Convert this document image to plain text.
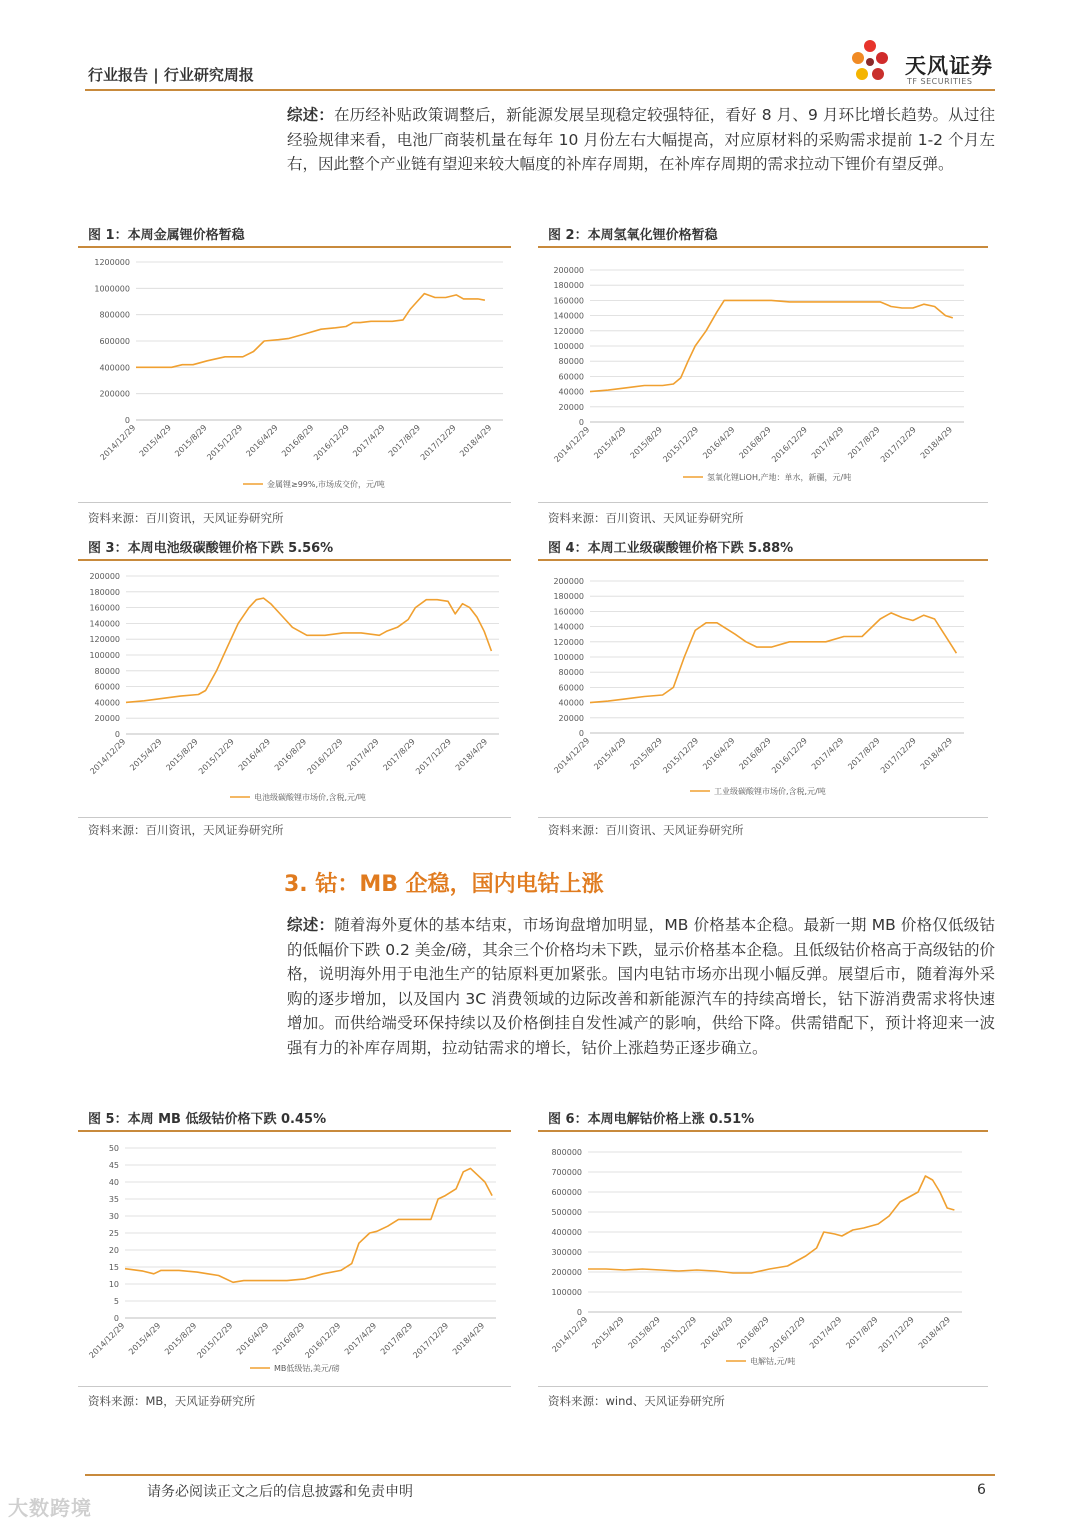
行业报告 | 行业研究周报	天风证券
TF SECURITIES
综述：在历经补贴政策调整后，新能源发展呈现稳定较强特征，看好 8 月、9 月环比增长趋势。从过往经验规律来看，电池厂商装机量在每年 10 月份左右大幅提高，对应原材料的采购需求提前 1-2 个月左右，因此整个产业链有望迎来较大幅度的补库存周期，在补库存周期的需求拉动下锂价有望反弹。
图 1：本周金属锂价格暂稳
0
200000
400000
600000
800000
1000000
1200000
2014/12/29 2015/4/29 2015/8/29
2015/12/29 2016/4/29 2016/8/29
2016/12/29 2017/4/29 2017/8/29
2017/12/29 2018/4/29
金属锂≥99%,市场成交价，元/吨
资料来源：百川资讯，天风证券研究所
图 2：本周氢氧化锂价格暂稳
0
20000
40000
60000
80000
100000
120000
140000
160000
180000
200000
2014/12/29 2015/4/29 2015/8/29
2015/12/29 2016/4/29 2016/8/29
2016/12/29 2017/4/29 2017/8/29
2017/12/29 2018/4/29
氢氧化锂LiOH,产地：单水，新疆，元/吨
资料来源：百川资讯、天风证券研究所
图 3：本周电池级碳酸锂价格下跌 5.56%
0
20000
40000
60000
80000
100000
120000
140000
160000
180000
200000
2014/12/29 2015/4/29 2015/8/29
2015/12/29 2016/4/29 2016/8/29
2016/12/29 2017/4/29 2017/8/29
2017/12/29 2018/4/29
电池级碳酸锂市场价,含税,元/吨
资料来源：百川资讯，天风证券研究所
图 4：本周工业级碳酸锂价格下跌 5.88%
0
20000
40000
60000
80000
100000
120000
140000
160000
180000
200000
2014/12/29 2015/4/29 2015/8/29
2015/12/29 2016/4/29 2016/8/29
2016/12/29 2017/4/29 2017/8/29
2017/12/29 2018/4/29
工业级碳酸锂市场价,含税,元/吨
资料来源：百川资讯、天风证券研究所
3. 钴：MB 企稳，国内电钴上涨
综述：随着海外夏休的基本结束，市场询盘增加明显，MB 价格基本企稳。最新一期 MB 价格仅低级钴的低幅价下跌 0.2 美金/磅，其余三个价格均未下跌，显示价格基本企稳。且低级钴价格高于高级钴的价格，说明海外用于电池生产的钴原料更加紧张。国内电钴市场亦出现小幅反弹。展望后市，随着海外采购的逐步增加，以及国内 3C 消费领域的边际改善和新能源汽车的持续高增长，钴下游消费需求将快速增加。而供给端受环保持续以及价格倒挂自发性减产的影响，供给下降。供需错配下，预计将迎来一波强有力的补库存周期，拉动钴需求的增长，钴价上涨趋势正逐步确立。
图 5：本周 MB 低级钴价格下跌 0.45%
0
5
10
15
20
25
30
35
40
45
50
2014/12/29 2015/4/29 2015/8/29
2015/12/29 2016/4/29 2016/8/29
2016/12/29 2017/4/29 2017/8/29
2017/12/29 2018/4/29
MB低级钴,美元/磅
资料来源：MB，天风证券研究所
图 6：本周电解钴价格上涨 0.51%
0
100000
200000
300000
400000
500000
600000
700000
800000
2014/12/29 2015/4/29 2015/8/29
2015/12/29 2016/4/29 2016/8/29
2016/12/29 2017/4/29 2017/8/29
2017/12/29 2018/4/29
电解钴,元/吨
资料来源：wind、天风证券研究所
请务必阅读正文之后的信息披露和免责申明	6
大数跨境
